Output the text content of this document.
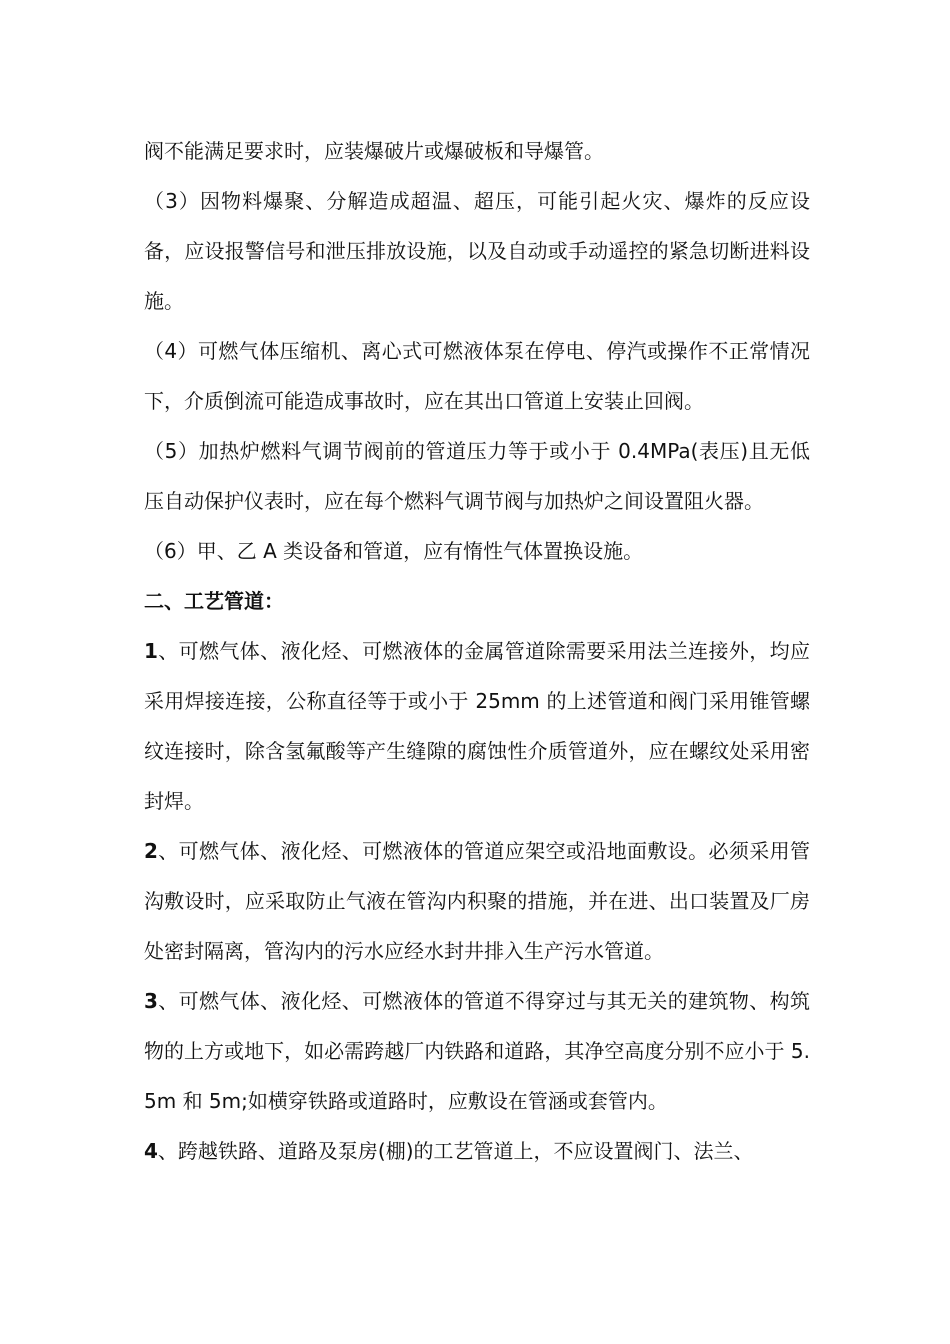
阀不能满足要求时，应装爆破片或爆破板和导爆管。

（3）因物料爆聚、分解造成超温、超压，可能引起火灾、爆炸的反应设备，应设报警信号和泄压排放设施，以及自动或手动遥控的紧急切断进料设施。

（4）可燃气体压缩机、离心式可燃液体泵在停电、停汽或操作不正常情况下，介质倒流可能造成事故时，应在其出口管道上安装止回阀。

（5）加热炉燃料气调节阀前的管道压力等于或小于 0.4MPa(表压)且无低压自动保护仪表时，应在每个燃料气调节阀与加热炉之间设置阻火器。

（6）甲、乙 A 类设备和管道，应有惰性气体置换设施。

二、工艺管道：

1、可燃气体、液化烃、可燃液体的金属管道除需要采用法兰连接外，均应采用焊接连接，公称直径等于或小于 25mm 的上述管道和阀门采用锥管螺纹连接时，除含氢氟酸等产生缝隙的腐蚀性介质管道外，应在螺纹处采用密封焊。

2、可燃气体、液化烃、可燃液体的管道应架空或沿地面敷设。必须采用管沟敷设时，应采取防止气液在管沟内积聚的措施，并在进、出口装置及厂房处密封隔离，管沟内的污水应经水封井排入生产污水管道。

3、可燃气体、液化烃、可燃液体的管道不得穿过与其无关的建筑物、构筑物的上方或地下，如必需跨越厂内铁路和道路，其净空高度分别不应小于 5.5m 和 5m;如横穿铁路或道路时，应敷设在管涵或套管内。

4、跨越铁路、道路及泵房(棚)的工艺管道上，不应设置阀门、法兰、
